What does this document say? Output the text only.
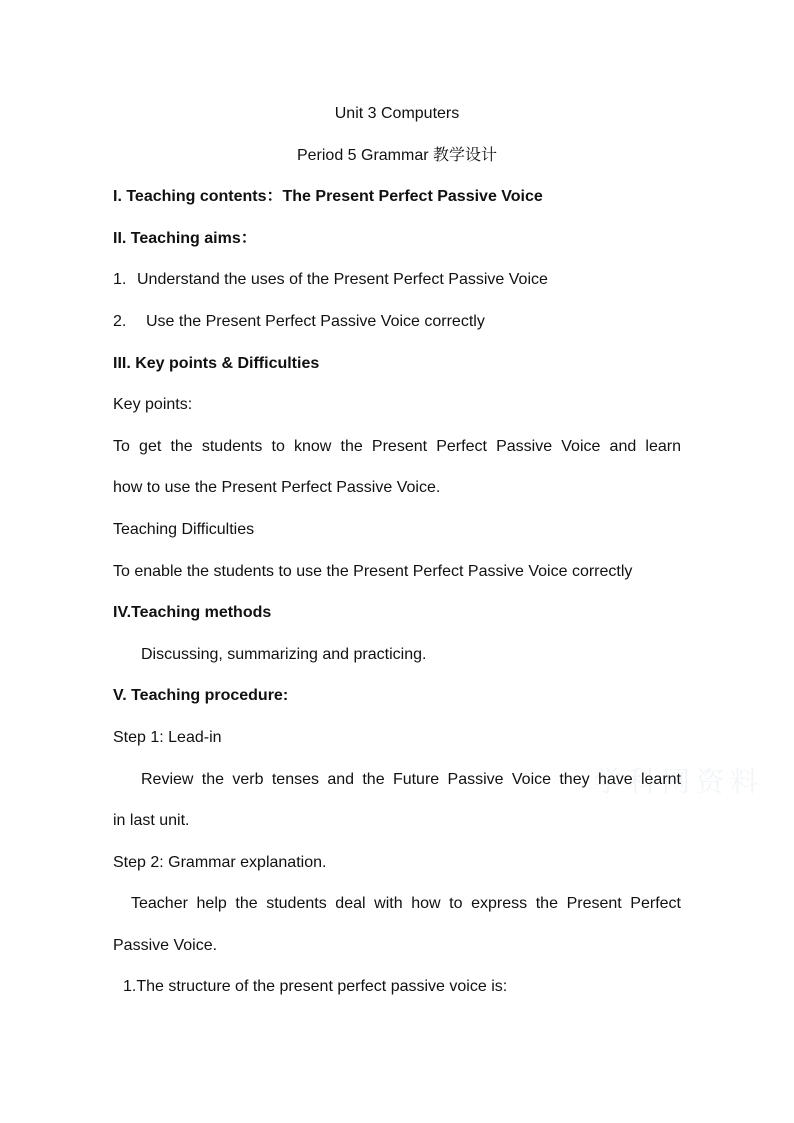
Unit 3 Computers

Period 5 Grammar 教学设计

I. Teaching contents：The Present Perfect Passive Voice

II. Teaching aims：

1. Understand the uses of the Present Perfect Passive Voice

2. Use the Present Perfect Passive Voice correctly

III. Key points & Difficulties

Key points:

To get the students to know the Present Perfect Passive Voice and learn

how to use the Present Perfect Passive Voice.

Teaching Difficulties

To enable the students to use the Present Perfect Passive Voice correctly

IV.Teaching methods

Discussing, summarizing and practicing.

V. Teaching procedure:

Step 1: Lead-in

Review the verb tenses and the Future Passive Voice they have learnt

in last unit.

Step 2: Grammar explanation.

Teacher help the students deal with how to express the Present Perfect

Passive Voice.

1.The structure of the present perfect passive voice is:

学科网资料
